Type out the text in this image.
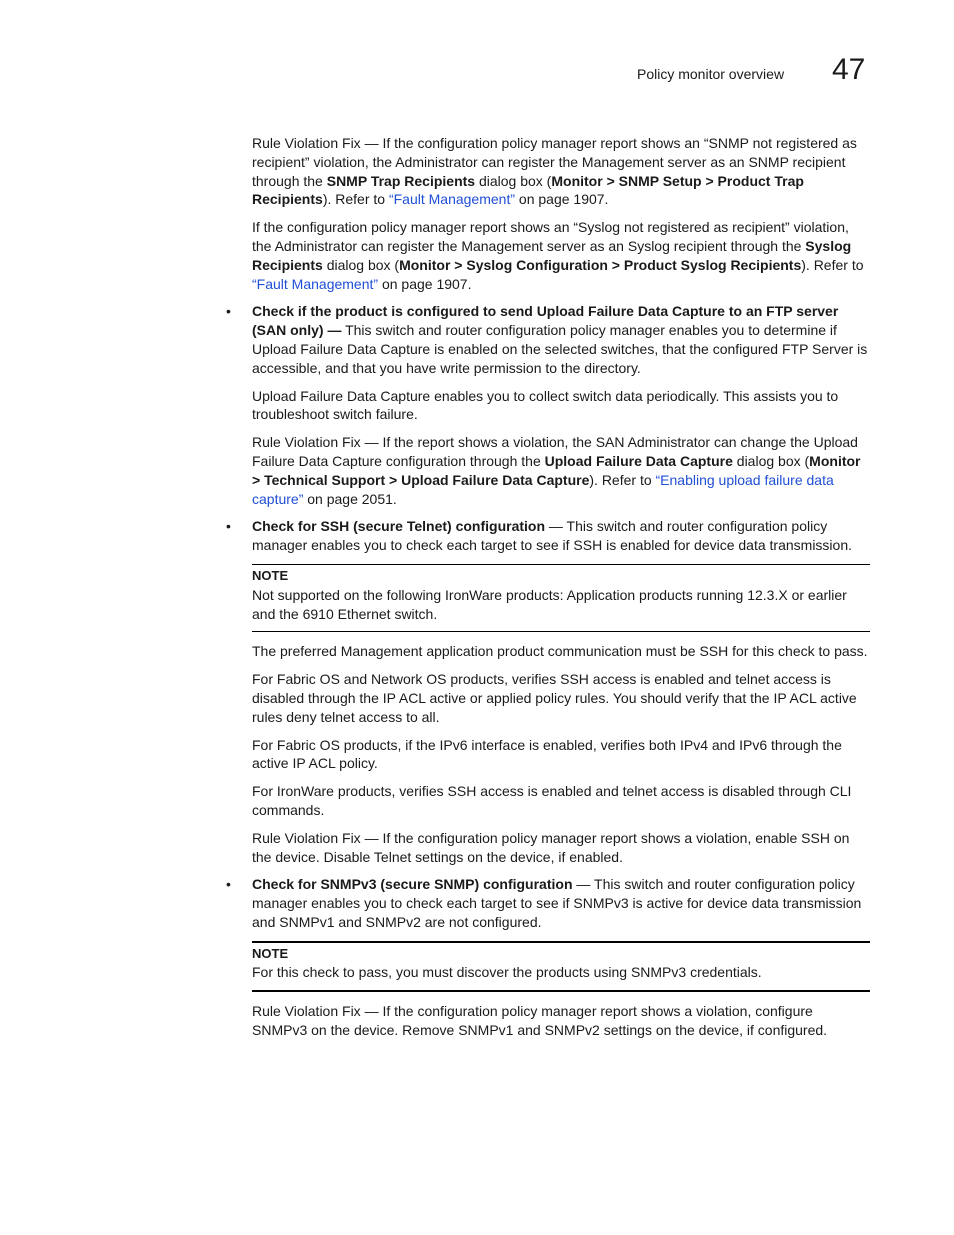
Policy monitor overview 47

Rule Violation Fix — If the configuration policy manager report shows an “SNMP not registered as recipient” violation, the Administrator can register the Management server as an SNMP recipient through the SNMP Trap Recipients dialog box (Monitor > SNMP Setup > Product Trap Recipients). Refer to “Fault Management” on page 1907.

If the configuration policy manager report shows an “Syslog not registered as recipient” violation, the Administrator can register the Management server as an Syslog recipient through the Syslog Recipients dialog box (Monitor > Syslog Configuration > Product Syslog Recipients). Refer to “Fault Management” on page 1907.

• Check if the product is configured to send Upload Failure Data Capture to an FTP server (SAN only) — This switch and router configuration policy manager enables you to determine if Upload Failure Data Capture is enabled on the selected switches, that the configured FTP Server is accessible, and that you have write permission to the directory.

Upload Failure Data Capture enables you to collect switch data periodically. This assists you to troubleshoot switch failure.

Rule Violation Fix — If the report shows a violation, the SAN Administrator can change the Upload Failure Data Capture configuration through the Upload Failure Data Capture dialog box (Monitor > Technical Support > Upload Failure Data Capture). Refer to “Enabling upload failure data capture” on page 2051.

• Check for SSH (secure Telnet) configuration — This switch and router configuration policy manager enables you to check each target to see if SSH is enabled for device data transmission.
NOTE
Not supported on the following IronWare products: Application products running 12.3.X or earlier and the 6910 Ethernet switch.

The preferred Management application product communication must be SSH for this check to pass.

For Fabric OS and Network OS products, verifies SSH access is enabled and telnet access is disabled through the IP ACL active or applied policy rules. You should verify that the IP ACL active rules deny telnet access to all.

For Fabric OS products, if the IPv6 interface is enabled, verifies both IPv4 and IPv6 through the active IP ACL policy.

For IronWare products, verifies SSH access is enabled and telnet access is disabled through CLI commands.

Rule Violation Fix — If the configuration policy manager report shows a violation, enable SSH on the device. Disable Telnet settings on the device, if enabled.

• Check for SNMPv3 (secure SNMP) configuration — This switch and router configuration policy manager enables you to check each target to see if SNMPv3 is active for device data transmission and SNMPv1 and SNMPv2 are not configured.
NOTE
For this check to pass, you must discover the products using SNMPv3 credentials.

Rule Violation Fix — If the configuration policy manager report shows a violation, configure SNMPv3 on the device. Remove SNMPv1 and SNMPv2 settings on the device, if configured.
